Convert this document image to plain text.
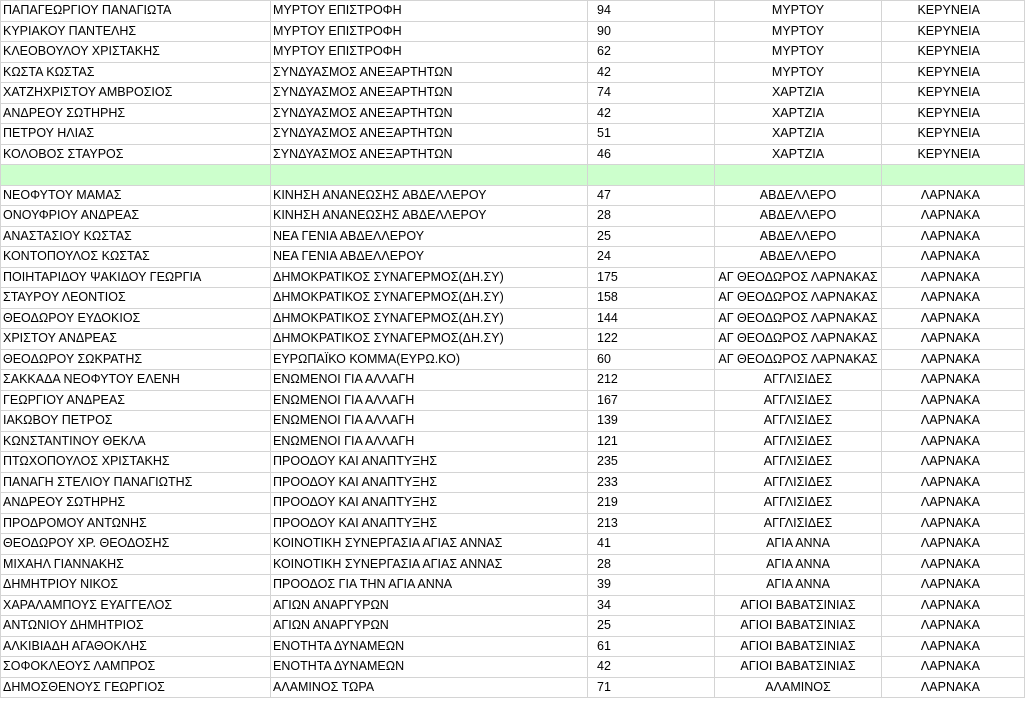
ΠΑΠΑΓΕΩΡΓΙΟΥ ΠΑΝΑΓΙΩΤΑ	ΜΥΡΤΟΥ ΕΠΙΣΤΡΟΦΗ	94	ΜΥΡΤΟΥ	ΚΕΡΥΝΕΙΑ
ΚΥΡΙΑΚΟΥ ΠΑΝΤΕΛΗΣ	ΜΥΡΤΟΥ ΕΠΙΣΤΡΟΦΗ	90	ΜΥΡΤΟΥ	ΚΕΡΥΝΕΙΑ
ΚΛΕΟΒΟΥΛΟΥ ΧΡΙΣΤΑΚΗΣ	ΜΥΡΤΟΥ ΕΠΙΣΤΡΟΦΗ	62	ΜΥΡΤΟΥ	ΚΕΡΥΝΕΙΑ
ΚΩΣΤΑ ΚΩΣΤΑΣ	ΣΥΝΔΥΑΣΜΟΣ ΑΝΕΞΑΡΤΗΤΩΝ	42	ΜΥΡΤΟΥ	ΚΕΡΥΝΕΙΑ
ΧΑΤΖΗΧΡΙΣΤΟΥ ΑΜΒΡΟΣΙΟΣ	ΣΥΝΔΥΑΣΜΟΣ ΑΝΕΞΑΡΤΗΤΩΝ	74	ΧΑΡΤΖΙΑ	ΚΕΡΥΝΕΙΑ
ΑΝΔΡΕΟΥ ΣΩΤΗΡΗΣ	ΣΥΝΔΥΑΣΜΟΣ ΑΝΕΞΑΡΤΗΤΩΝ	42	ΧΑΡΤΖΙΑ	ΚΕΡΥΝΕΙΑ
ΠΕΤΡΟΥ ΗΛΙΑΣ	ΣΥΝΔΥΑΣΜΟΣ ΑΝΕΞΑΡΤΗΤΩΝ	51	ΧΑΡΤΖΙΑ	ΚΕΡΥΝΕΙΑ
ΚΟΛΟΒΟΣ ΣΤΑΥΡΟΣ	ΣΥΝΔΥΑΣΜΟΣ ΑΝΕΞΑΡΤΗΤΩΝ	46	ΧΑΡΤΖΙΑ	ΚΕΡΥΝΕΙΑ

ΝΕΟΦΥΤΟΥ ΜΑΜΑΣ	ΚΙΝΗΣΗ ΑΝΑΝΕΩΣΗΣ ΑΒΔΕΛΛΕΡΟΥ	47	ΑΒΔΕΛΛΕΡΟ	ΛΑΡΝΑΚΑ
ΟΝΟΥΦΡΙΟΥ ΑΝΔΡΕΑΣ	ΚΙΝΗΣΗ ΑΝΑΝΕΩΣΗΣ ΑΒΔΕΛΛΕΡΟΥ	28	ΑΒΔΕΛΛΕΡΟ	ΛΑΡΝΑΚΑ
ΑΝΑΣΤΑΣΙΟΥ ΚΩΣΤΑΣ	ΝΕΑ ΓΕΝΙΑ ΑΒΔΕΛΛΕΡΟΥ	25	ΑΒΔΕΛΛΕΡΟ	ΛΑΡΝΑΚΑ
ΚΟΝΤΟΠΟΥΛΟΣ ΚΩΣΤΑΣ	ΝΕΑ ΓΕΝΙΑ ΑΒΔΕΛΛΕΡΟΥ	24	ΑΒΔΕΛΛΕΡΟ	ΛΑΡΝΑΚΑ
ΠΟΙΗΤΑΡΙΔΟΥ ΨΑΚΙΔΟΥ ΓΕΩΡΓΙΑ	ΔΗΜΟΚΡΑΤΙΚΟΣ ΣΥΝΑΓΕΡΜΟΣ(ΔΗ.ΣΥ)	175	ΑΓ ΘΕΟΔΩΡΟΣ ΛΑΡΝΑΚΑΣ	ΛΑΡΝΑΚΑ
ΣΤΑΥΡΟΥ ΛΕΟΝΤΙΟΣ	ΔΗΜΟΚΡΑΤΙΚΟΣ ΣΥΝΑΓΕΡΜΟΣ(ΔΗ.ΣΥ)	158	ΑΓ ΘΕΟΔΩΡΟΣ ΛΑΡΝΑΚΑΣ	ΛΑΡΝΑΚΑ
ΘΕΟΔΩΡΟΥ ΕΥΔΟΚΙΟΣ	ΔΗΜΟΚΡΑΤΙΚΟΣ ΣΥΝΑΓΕΡΜΟΣ(ΔΗ.ΣΥ)	144	ΑΓ ΘΕΟΔΩΡΟΣ ΛΑΡΝΑΚΑΣ	ΛΑΡΝΑΚΑ
ΧΡΙΣΤΟΥ ΑΝΔΡΕΑΣ	ΔΗΜΟΚΡΑΤΙΚΟΣ ΣΥΝΑΓΕΡΜΟΣ(ΔΗ.ΣΥ)	122	ΑΓ ΘΕΟΔΩΡΟΣ ΛΑΡΝΑΚΑΣ	ΛΑΡΝΑΚΑ
ΘΕΟΔΩΡΟΥ ΣΩΚΡΑΤΗΣ	ΕΥΡΩΠΑΪΚΟ ΚΟΜΜΑ(ΕΥΡΩ.ΚΟ)	60	ΑΓ ΘΕΟΔΩΡΟΣ ΛΑΡΝΑΚΑΣ	ΛΑΡΝΑΚΑ
ΣΑΚΚΑΔΑ ΝΕΟΦΥΤΟΥ ΕΛΕΝΗ	ΕΝΩΜΕΝΟΙ ΓΙΑ ΑΛΛΑΓΗ	212	ΑΓΓΛΙΣΙΔΕΣ	ΛΑΡΝΑΚΑ
ΓΕΩΡΓΙΟΥ ΑΝΔΡΕΑΣ	ΕΝΩΜΕΝΟΙ ΓΙΑ ΑΛΛΑΓΗ	167	ΑΓΓΛΙΣΙΔΕΣ	ΛΑΡΝΑΚΑ
ΙΑΚΩΒΟΥ ΠΕΤΡΟΣ	ΕΝΩΜΕΝΟΙ ΓΙΑ ΑΛΛΑΓΗ	139	ΑΓΓΛΙΣΙΔΕΣ	ΛΑΡΝΑΚΑ
ΚΩΝΣΤΑΝΤΙΝΟΥ ΘΕΚΛΑ	ΕΝΩΜΕΝΟΙ ΓΙΑ ΑΛΛΑΓΗ	121	ΑΓΓΛΙΣΙΔΕΣ	ΛΑΡΝΑΚΑ
ΠΤΩΧΟΠΟΥΛΟΣ ΧΡΙΣΤΑΚΗΣ	ΠΡΟΟΔΟΥ ΚΑΙ ΑΝΑΠΤΥΞΗΣ	235	ΑΓΓΛΙΣΙΔΕΣ	ΛΑΡΝΑΚΑ
ΠΑΝΑΓΗ ΣΤΕΛΙΟΥ ΠΑΝΑΓΙΩΤΗΣ	ΠΡΟΟΔΟΥ ΚΑΙ ΑΝΑΠΤΥΞΗΣ	233	ΑΓΓΛΙΣΙΔΕΣ	ΛΑΡΝΑΚΑ
ΑΝΔΡΕΟΥ ΣΩΤΗΡΗΣ	ΠΡΟΟΔΟΥ ΚΑΙ ΑΝΑΠΤΥΞΗΣ	219	ΑΓΓΛΙΣΙΔΕΣ	ΛΑΡΝΑΚΑ
ΠΡΟΔΡΟΜΟΥ ΑΝΤΩΝΗΣ	ΠΡΟΟΔΟΥ ΚΑΙ ΑΝΑΠΤΥΞΗΣ	213	ΑΓΓΛΙΣΙΔΕΣ	ΛΑΡΝΑΚΑ
ΘΕΟΔΩΡΟΥ ΧΡ. ΘΕΟΔΟΣΗΣ	ΚΟΙΝΟΤΙΚΗ ΣΥΝΕΡΓΑΣΙΑ ΑΓΙΑΣ ΑΝΝΑΣ	41	ΑΓΙΑ ΑΝΝΑ	ΛΑΡΝΑΚΑ
ΜΙΧΑΗΛ ΓΙΑΝΝΑΚΗΣ	ΚΟΙΝΟΤΙΚΗ ΣΥΝΕΡΓΑΣΙΑ ΑΓΙΑΣ ΑΝΝΑΣ	28	ΑΓΙΑ ΑΝΝΑ	ΛΑΡΝΑΚΑ
ΔΗΜΗΤΡΙΟΥ ΝΙΚΟΣ	ΠΡΟΟΔΟΣ ΓΙΑ ΤΗΝ ΑΓΙΑ ΑΝΝΑ	39	ΑΓΙΑ ΑΝΝΑ	ΛΑΡΝΑΚΑ
ΧΑΡΑΛΑΜΠΟΥΣ ΕΥΑΓΓΕΛΟΣ	ΑΓΙΩΝ ΑΝΑΡΓΥΡΩΝ	34	ΑΓΙΟΙ ΒΑΒΑΤΣΙΝΙΑΣ	ΛΑΡΝΑΚΑ
ΑΝΤΩΝΙΟΥ ΔΗΜΗΤΡΙΟΣ	ΑΓΙΩΝ ΑΝΑΡΓΥΡΩΝ	25	ΑΓΙΟΙ ΒΑΒΑΤΣΙΝΙΑΣ	ΛΑΡΝΑΚΑ
ΑΛΚΙΒΙΑΔΗ ΑΓΑΘΟΚΛΗΣ	ΕΝΟΤΗΤΑ ΔΥΝΑΜΕΩΝ	61	ΑΓΙΟΙ ΒΑΒΑΤΣΙΝΙΑΣ	ΛΑΡΝΑΚΑ
ΣΟΦΟΚΛΕΟΥΣ ΛΑΜΠΡΟΣ	ΕΝΟΤΗΤΑ ΔΥΝΑΜΕΩΝ	42	ΑΓΙΟΙ ΒΑΒΑΤΣΙΝΙΑΣ	ΛΑΡΝΑΚΑ
ΔΗΜΟΣΘΕΝΟΥΣ ΓΕΩΡΓΙΟΣ	ΑΛΑΜΙΝΟΣ ΤΩΡΑ	71	ΑΛΑΜΙΝΟΣ	ΛΑΡΝΑΚΑ
